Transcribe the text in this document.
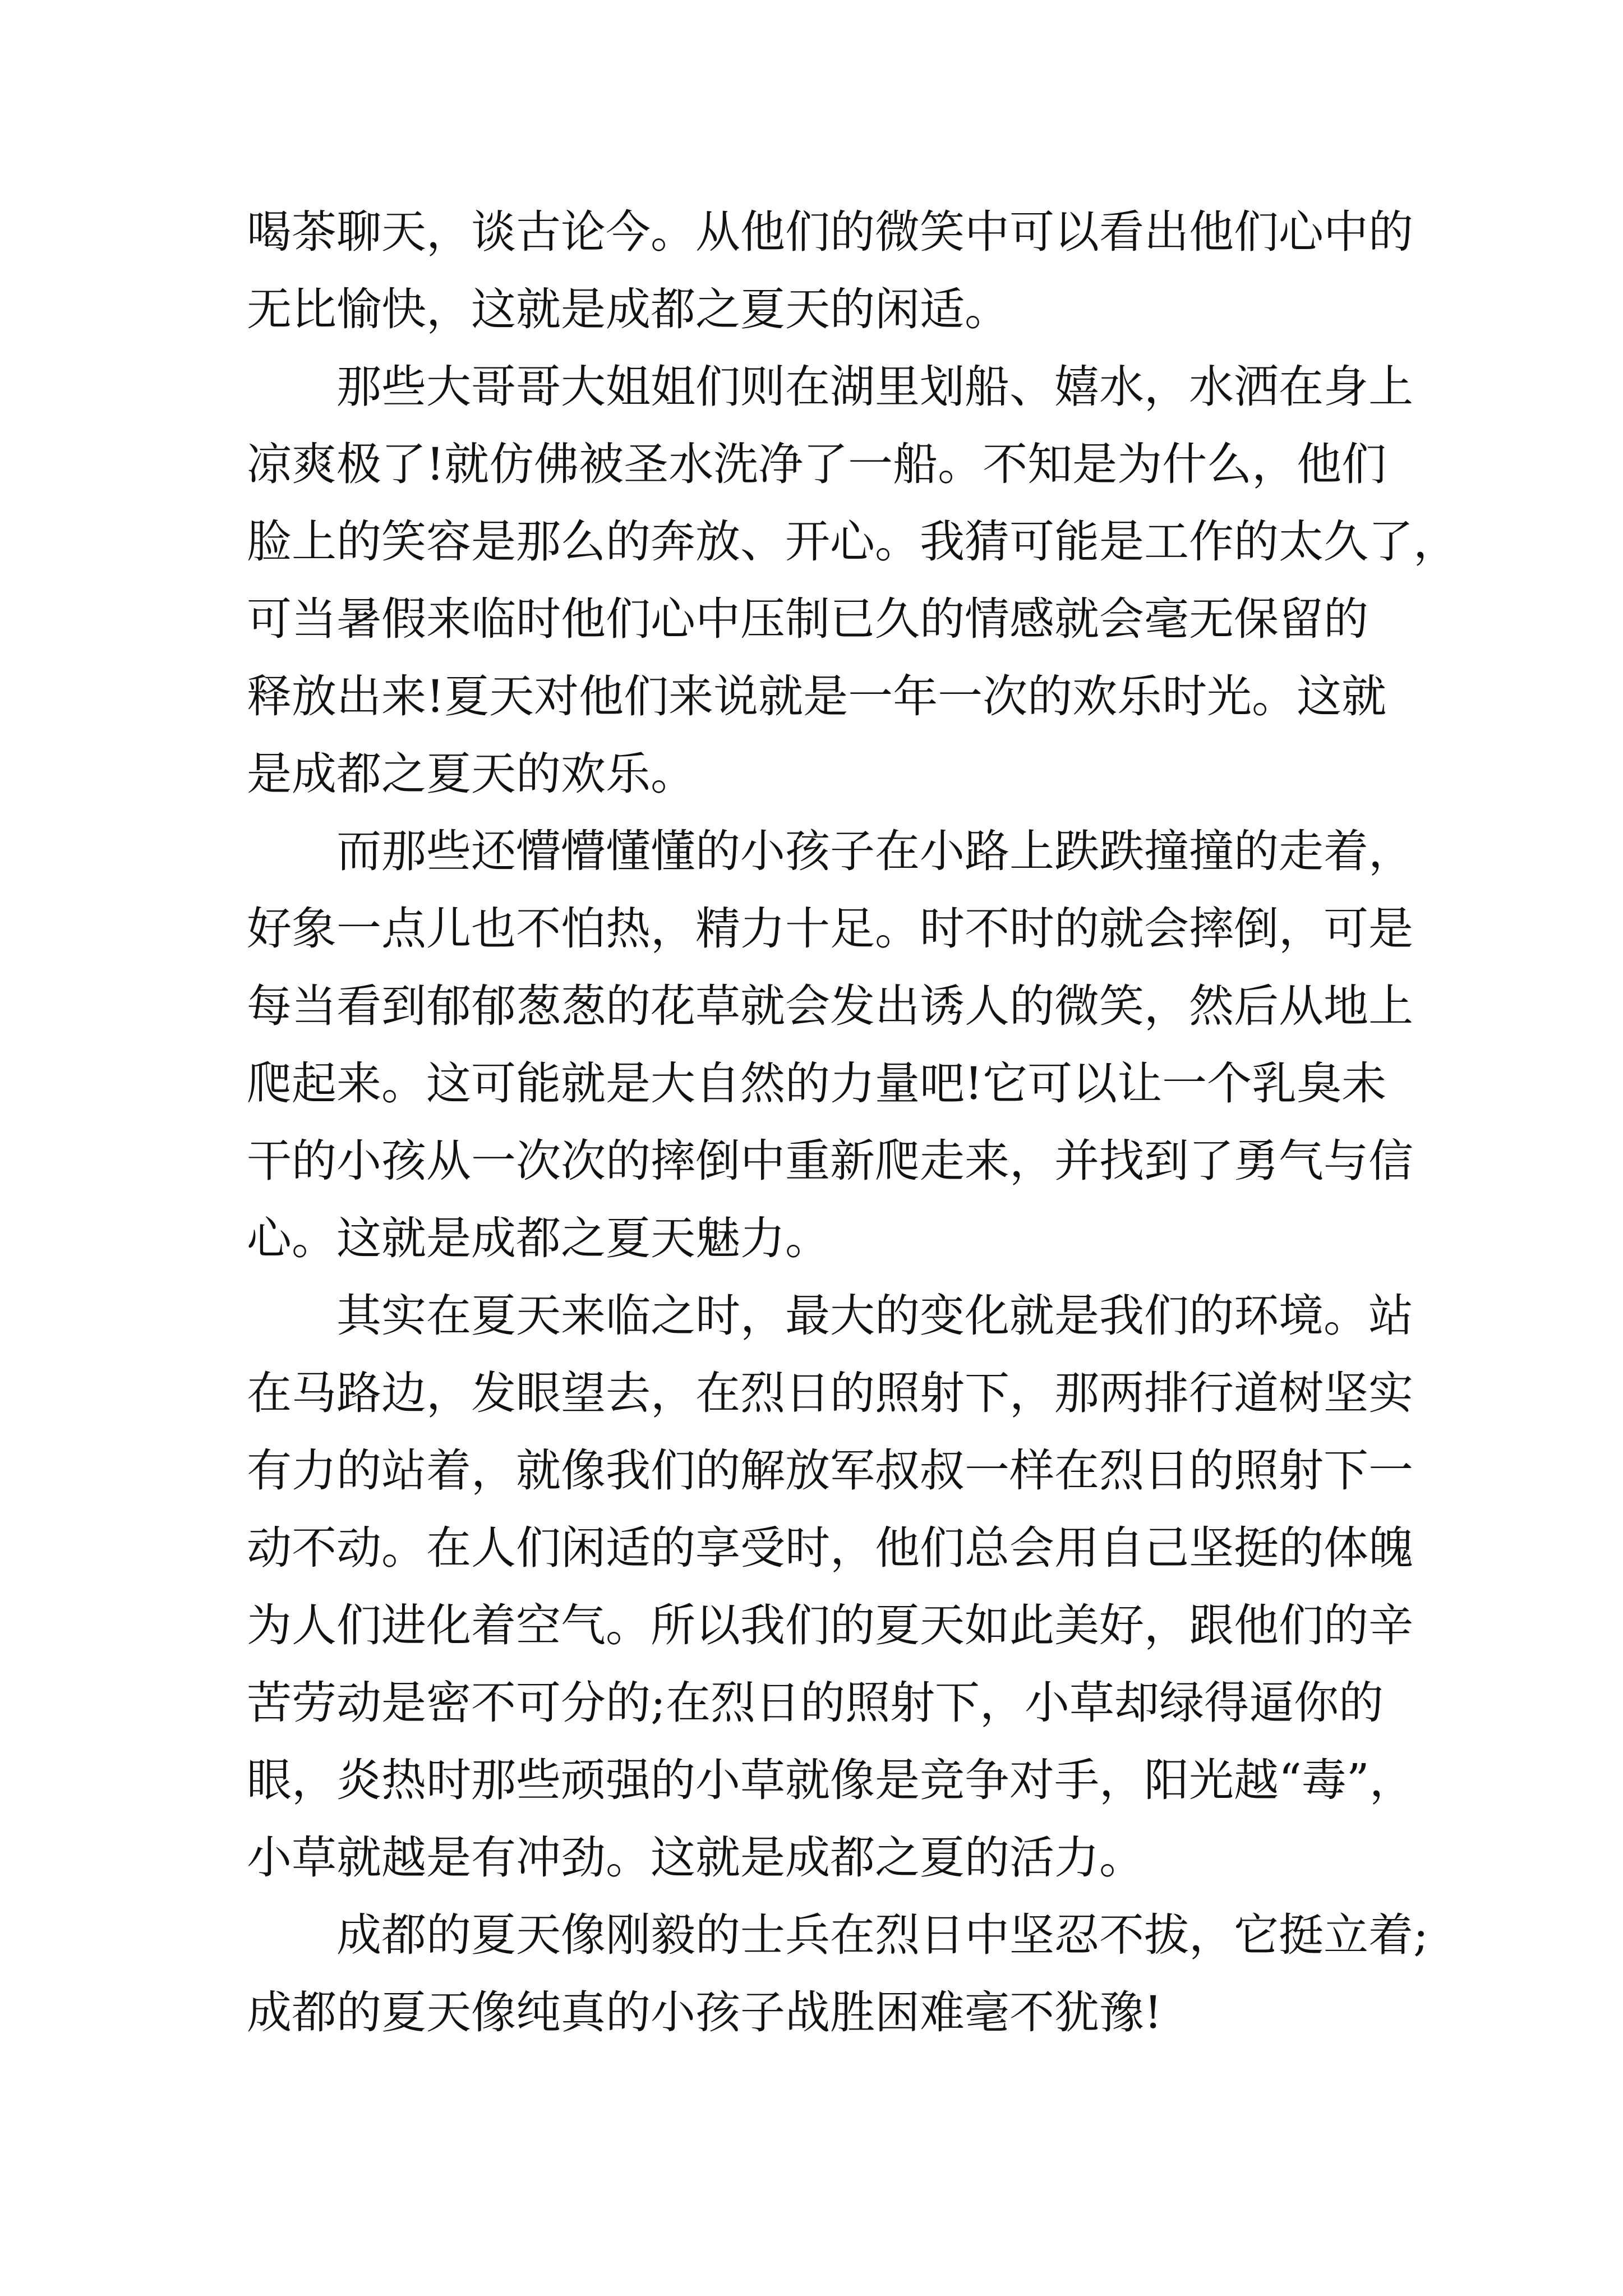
喝茶聊天，谈古论今。从他们的微笑中可以看出他们心中的
无比愉快，这就是成都之夏天的闲适。
那些大哥哥大姐姐们则在湖里划船、嬉水，水洒在身上
凉爽极了!就仿佛被圣水洗净了一船。不知是为什么，他们
脸上的笑容是那么的奔放、开心。我猜可能是工作的太久了，
可当暑假来临时他们心中压制已久的情感就会毫无保留的
释放出来!夏天对他们来说就是一年一次的欢乐时光。这就
是成都之夏天的欢乐。
而那些还懵懵懂懂的小孩子在小路上跌跌撞撞的走着，
好象一点儿也不怕热，精力十足。时不时的就会摔倒，可是
每当看到郁郁葱葱的花草就会发出诱人的微笑，然后从地上
爬起来。这可能就是大自然的力量吧!它可以让一个乳臭未
干的小孩从一次次的摔倒中重新爬走来，并找到了勇气与信
心。这就是成都之夏天魅力。
其实在夏天来临之时，最大的变化就是我们的环境。站
在马路边，发眼望去，在烈日的照射下，那两排行道树坚实
有力的站着，就像我们的解放军叔叔一样在烈日的照射下一
动不动。在人们闲适的享受时，他们总会用自己坚挺的体魄
为人们进化着空气。所以我们的夏天如此美好，跟他们的辛
苦劳动是密不可分的;在烈日的照射下，小草却绿得逼你的
眼，炎热时那些顽强的小草就像是竞争对手，阳光越“毒”，
小草就越是有冲劲。这就是成都之夏的活力。
成都的夏天像刚毅的士兵在烈日中坚忍不拔，它挺立着;
成都的夏天像纯真的小孩子战胜困难毫不犹豫!
